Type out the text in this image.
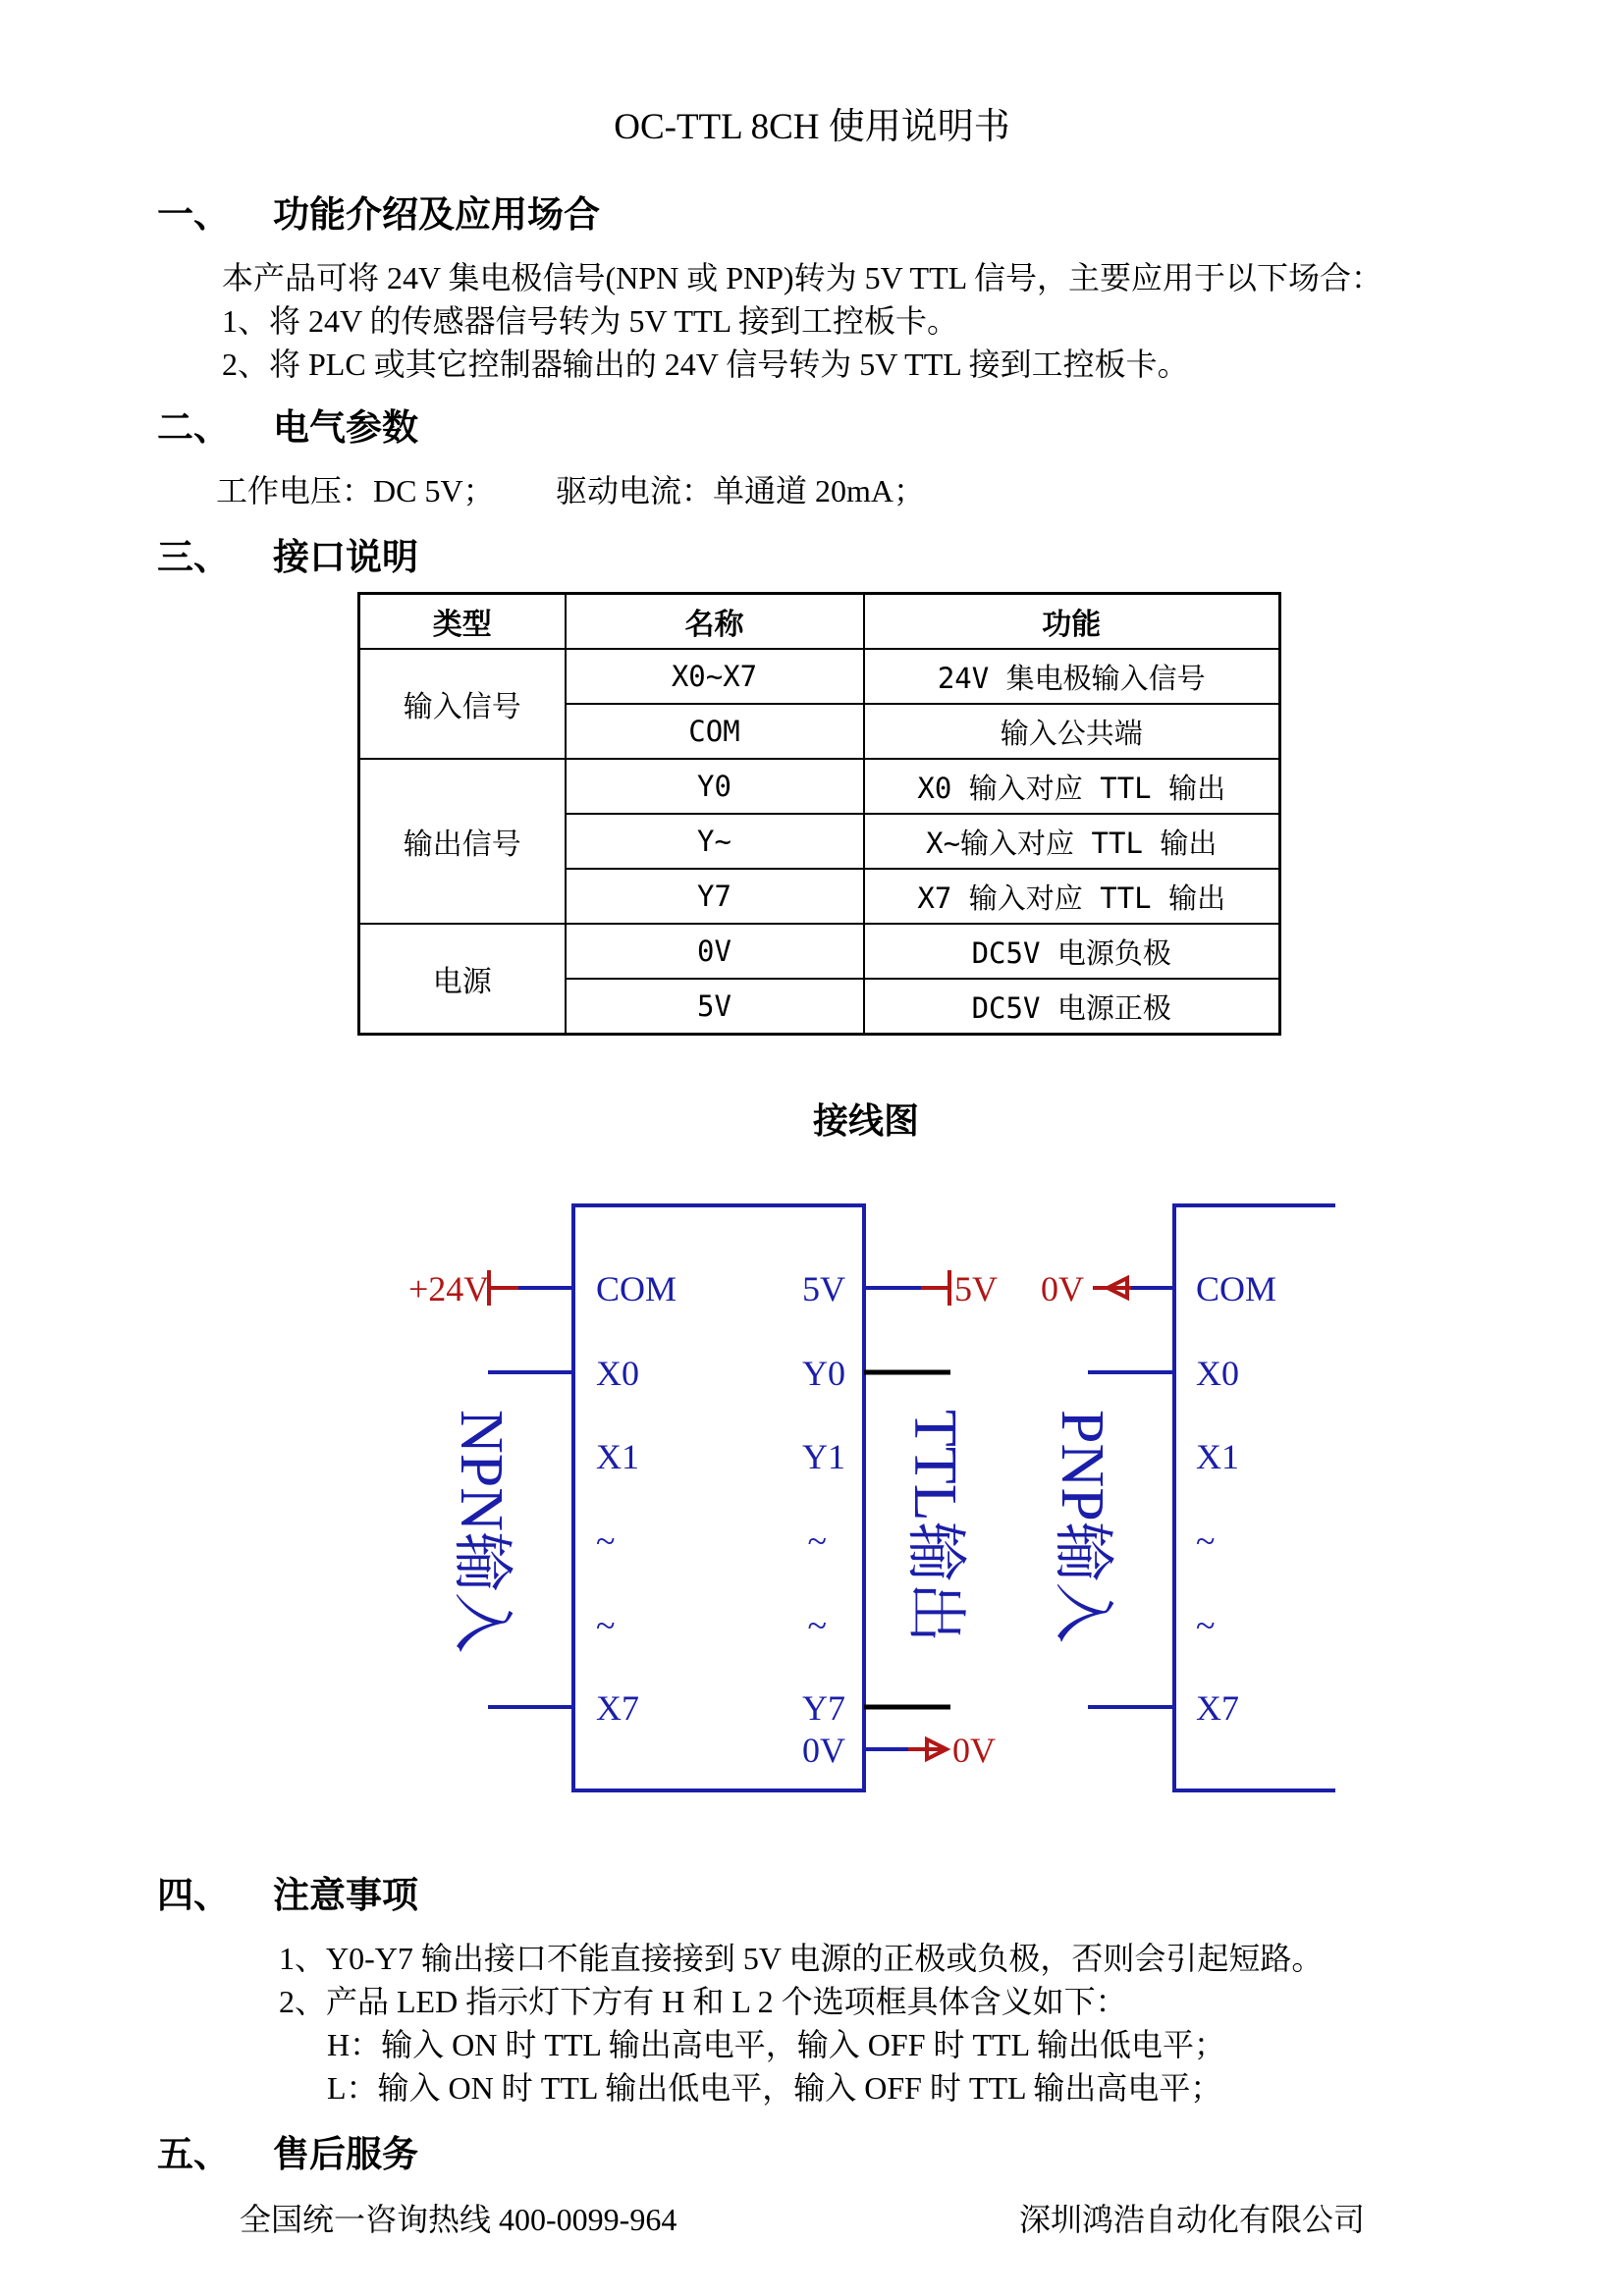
OC-TTL 8CH 使用说明书
一、 功能介绍及应用场合
本产品可将 24V 集电极信号(NPN 或 PNP)转为 5V TTL 信号，主要应用于以下场合：
1、将 24V 的传感器信号转为 5V TTL 接到工控板卡。
2、将 PLC 或其它控制器输出的 24V 信号转为 5V TTL 接到工控板卡。
二、 电气参数
工作电压：DC 5V； 驱动电流：单通道 20mA；
三、 接口说明
类型	名称	功能
输入信号	X0~X7	24V 集电极输入信号
	COM	输入公共端
输出信号	Y0	X0 输入对应 TTL 输出
	Y~	X~输入对应 TTL 输出
	Y7	X7 输入对应 TTL 输出
电源	0V	DC5V 电源负极
	5V	DC5V 电源正极
接线图
+24V	5V 0V
0V
COM
X0
X1
~
~
X7
5V
Y0
Y1
~
~
Y7
0V
COM
X0
X1
~
~
X7
NPN输入	TTL输出 PNP输入
四、 注意事项
1、Y0-Y7 输出接口不能直接接到 5V 电源的正极或负极，否则会引起短路。
2、产品 LED 指示灯下方有 H 和 L 2 个选项框具体含义如下：
H：输入 ON 时 TTL 输出高电平，输入 OFF 时 TTL 输出低电平；
L：输入 ON 时 TTL 输出低电平，输入 OFF 时 TTL 输出高电平；
五、 售后服务
全国统一咨询热线 400-0099-964	深圳鸿浩自动化有限公司
